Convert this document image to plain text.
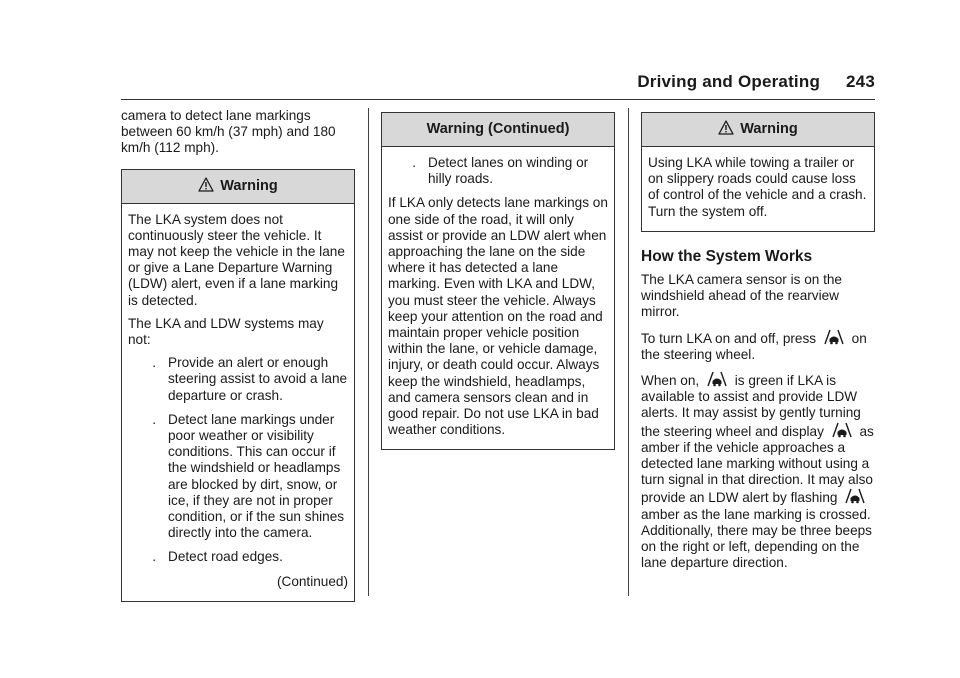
Driving and Operating 243

camera to detect lane markings between 60 km/h (37 mph) and 180 km/h (112 mph).

Warning

The LKA system does not continuously steer the vehicle. It may not keep the vehicle in the lane or give a Lane Departure Warning (LDW) alert, even if a lane marking is detected.

The LKA and LDW systems may not:

. Provide an alert or enough steering assist to avoid a lane departure or crash.
. Detect lane markings under poor weather or visibility conditions. This can occur if the windshield or headlamps are blocked by dirt, snow, or ice, if they are not in proper condition, or if the sun shines directly into the camera.
. Detect road edges.

(Continued)

Warning (Continued)
. Detect lanes on winding or hilly roads.

If LKA only detects lane markings on one side of the road, it will only assist or provide an LDW alert when approaching the lane on the side where it has detected a lane marking. Even with LKA and LDW, you must steer the vehicle. Always keep your attention on the road and maintain proper vehicle position within the lane, or vehicle damage, injury, or death could occur. Always keep the windshield, headlamps, and camera sensors clean and in good repair. Do not use LKA in bad weather conditions.

Warning

Using LKA while towing a trailer or on slippery roads could cause loss of control of the vehicle and a crash. Turn the system off.

How the System Works

The LKA camera sensor is on the windshield ahead of the rearview mirror.

To turn LKA on and off, press	on the steering wheel.

When on,	is green if LKA is available to assist and provide LDW alerts. It may assist by gently turning the steering wheel and display	as amber if the vehicle approaches a detected lane marking without using a turn signal in that direction. It may also provide an LDW alert by flashing  amber as the lane marking is crossed. Additionally, there may be three beeps on the right or left, depending on the lane departure direction.
